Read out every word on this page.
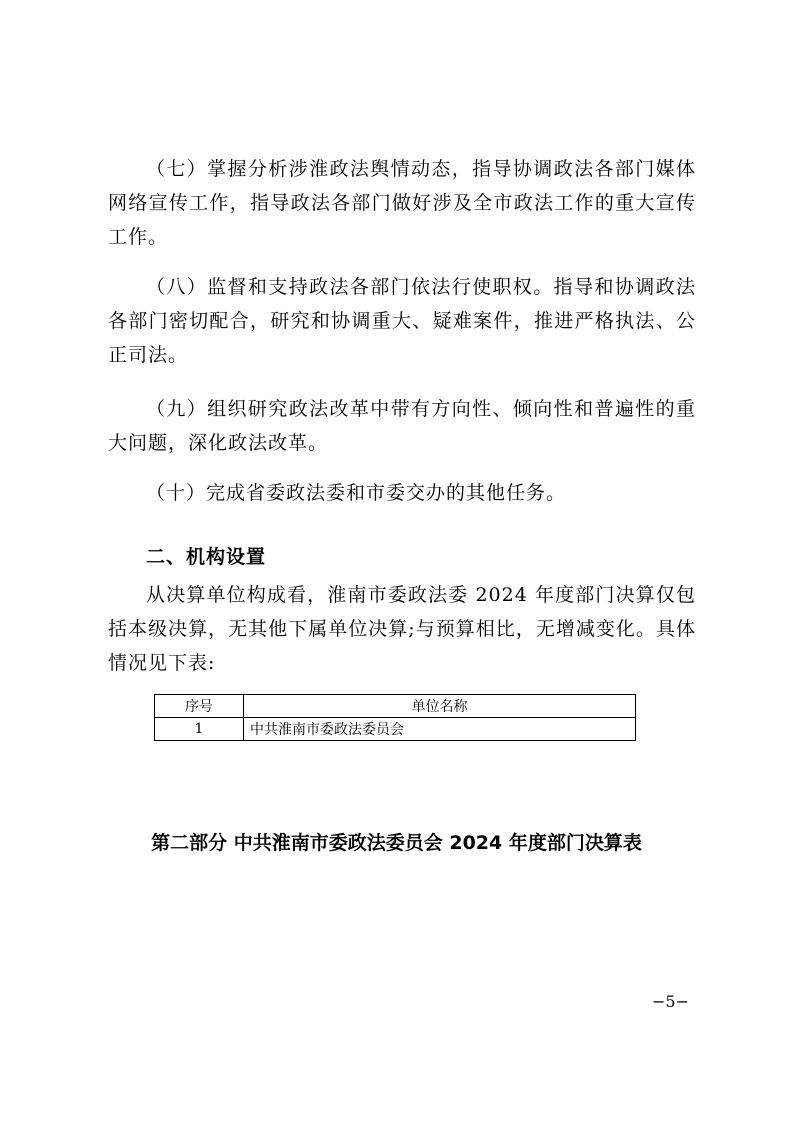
（七）掌握分析涉淮政法舆情动态，指导协调政法各部门媒体网络宣传工作，指导政法各部门做好涉及全市政法工作的重大宣传工作。

（八）监督和支持政法各部门依法行使职权。指导和协调政法各部门密切配合，研究和协调重大、疑难案件，推进严格执法、公正司法。

（九）组织研究政法改革中带有方向性、倾向性和普遍性的重大问题，深化政法改革。

（十）完成省委政法委和市委交办的其他任务。

二、机构设置

从决算单位构成看，淮南市委政法委 2024 年度部门决算仅包括本级决算，无其他下属单位决算;与预算相比，无增减变化。具体情况见下表:

序号	单位名称
1	中共淮南市委政法委员会
第二部分 中共淮南市委政法委员会 2024 年度部门决算表
−5−
